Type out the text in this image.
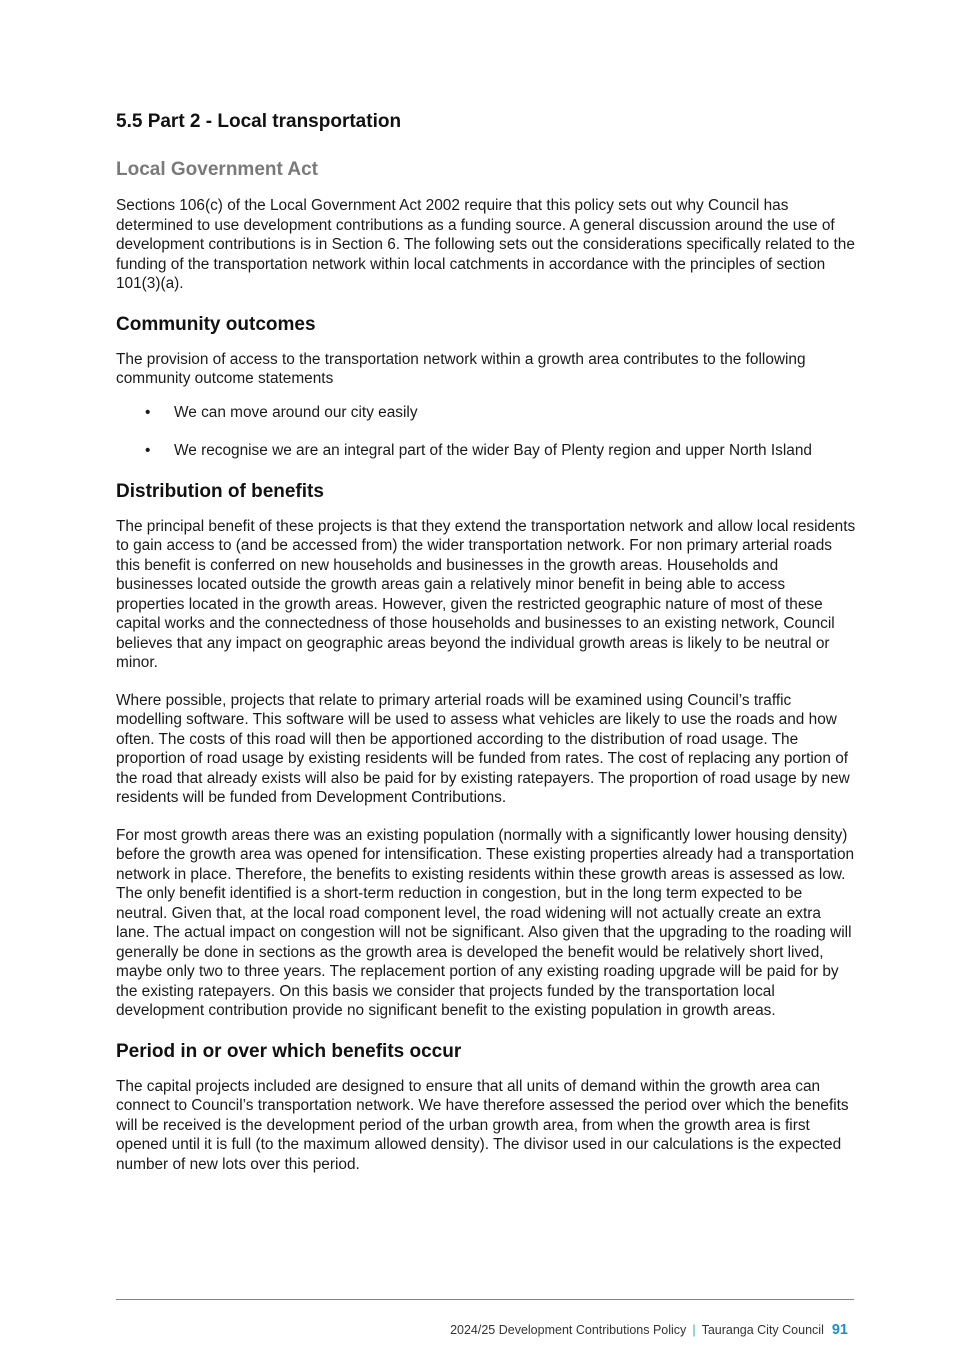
5.5 Part 2 - Local transportation
Local Government Act

Sections 106(c) of the Local Government Act 2002 require that this policy sets out why Council has determined to use development contributions as a funding source. A general discussion around the use of development contributions is in Section 6. The following sets out the considerations specifically related to the funding of the transportation network within local catchments in accordance with the principles of section 101(3)(a).

Community outcomes

The provision of access to the transportation network within a growth area contributes to the following community outcome statements

• We can move around our city easily
• We recognise we are an integral part of the wider Bay of Plenty region and upper North Island
Distribution of benefits

The principal benefit of these projects is that they extend the transportation network and allow local residents to gain access to (and be accessed from) the wider transportation network. For non primary arterial roads this benefit is conferred on new households and businesses in the growth areas. Households and businesses located outside the growth areas gain a relatively minor benefit in being able to access properties located in the growth areas. However, given the restricted geographic nature of most of these capital works and the connectedness of those households and businesses to an existing network, Council believes that any impact on geographic areas beyond the individual growth areas is likely to be neutral or minor.

Where possible, projects that relate to primary arterial roads will be examined using Council’s traffic modelling software. This software will be used to assess what vehicles are likely to use the roads and how often. The costs of this road will then be apportioned according to the distribution of road usage. The proportion of road usage by existing residents will be funded from rates. The cost of replacing any portion of the road that already exists will also be paid for by existing ratepayers. The proportion of road usage by new residents will be funded from Development Contributions.

For most growth areas there was an existing population (normally with a significantly lower housing density) before the growth area was opened for intensification. These existing properties already had a transportation network in place. Therefore, the benefits to existing residents within these growth areas is assessed as low. The only benefit identified is a short-term reduction in congestion, but in the long term expected to be neutral. Given that, at the local road component level, the road widening will not actually create an extra lane. The actual impact on congestion will not be significant. Also given that the upgrading to the roading will generally be done in sections as the growth area is developed the benefit would be relatively short lived, maybe only two to three years. The replacement portion of any existing roading upgrade will be paid for by the existing ratepayers. On this basis we consider that projects funded by the transportation local development contribution provide no significant benefit to the existing population in growth areas.

Period in or over which benefits occur

The capital projects included are designed to ensure that all units of demand within the growth area can connect to Council’s transportation network. We have therefore assessed the period over which the benefits will be received is the development period of the urban growth area, from when the growth area is first opened until it is full (to the maximum allowed density). The divisor used in our calculations is the expected number of new lots over this period.

2024/25 Development Contributions Policy | Tauranga City Council 91
